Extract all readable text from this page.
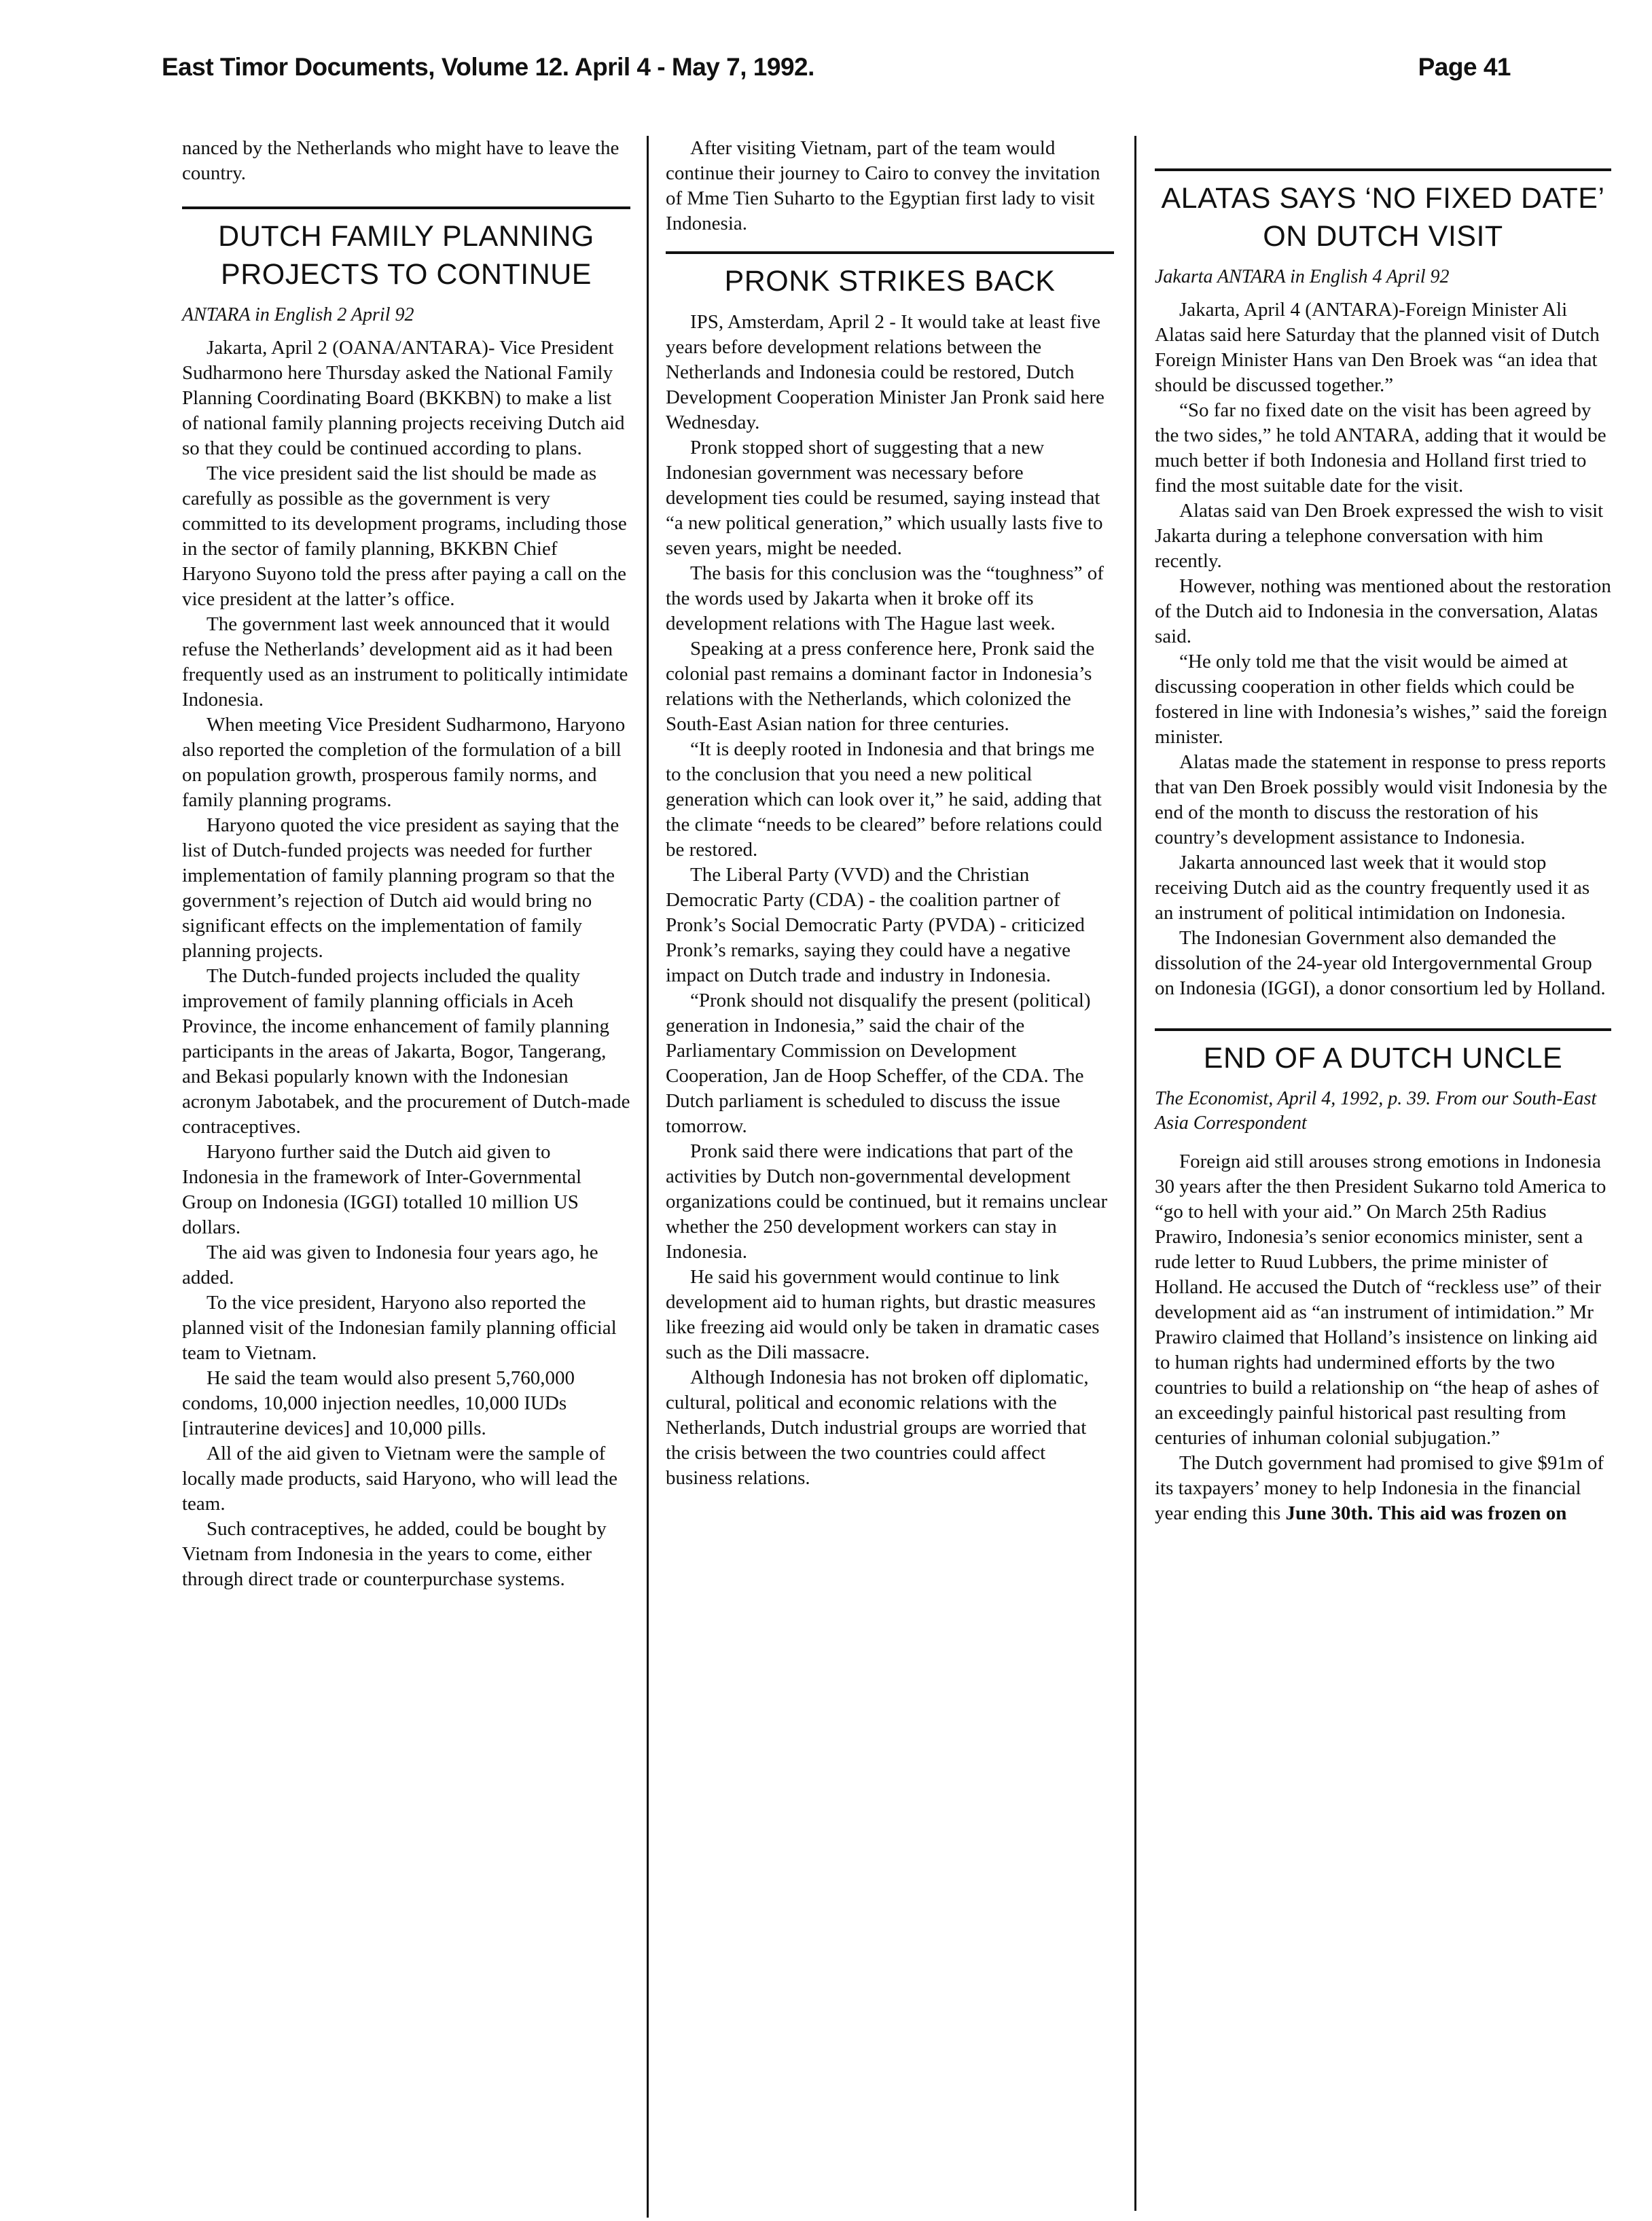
East Timor Documents, Volume 12. April 4 - May 7, 1992.	Page 41

nanced by the Netherlands who might have to leave the country.

DUTCH FAMILY PLANNING PROJECTS TO CONTINUE
ANTARA in English 2 April 92

Jakarta, April 2 (OANA/ANTARA)- Vice President Sudharmono here Thursday asked the National Family Planning Coordinating Board (BKKBN) to make a list of national family planning projects receiving Dutch aid so that they could be continued according to plans.

The vice president said the list should be made as carefully as possible as the government is very committed to its development programs, including those in the sector of family planning, BKKBN Chief Haryono Suyono told the press after paying a call on the vice president at the latter’s office.

The government last week announced that it would refuse the Netherlands’ development aid as it had been frequently used as an instrument to politically intimidate Indonesia.

When meeting Vice President Sudharmono, Haryono also reported the completion of the formulation of a bill on population growth, prosperous family norms, and family planning programs.

Haryono quoted the vice president as saying that the list of Dutch-funded projects was needed for further implementation of family planning program so that the government’s rejection of Dutch aid would bring no significant effects on the implementation of family planning projects.

The Dutch-funded projects included the quality improvement of family planning officials in Aceh Province, the income enhancement of family planning participants in the areas of Jakarta, Bogor, Tangerang, and Bekasi popularly known with the Indonesian acronym Jabotabek, and the procurement of Dutch-made contraceptives.

Haryono further said the Dutch aid given to Indonesia in the framework of Inter-Governmental Group on Indonesia (IGGI) totalled 10 million US dollars.

The aid was given to Indonesia four years ago, he added.

To the vice president, Haryono also reported the planned visit of the Indonesian family planning official team to Vietnam.

He said the team would also present 5,760,000 condoms, 10,000 injection needles, 10,000 IUDs [intrauterine devices] and 10,000 pills.

All of the aid given to Vietnam were the sample of locally made products, said Haryono, who will lead the team.

Such contraceptives, he added, could be bought by Vietnam from Indonesia in the years to come, either through direct trade or counterpurchase systems.

After visiting Vietnam, part of the team would continue their journey to Cairo to convey the invitation of Mme Tien Suharto to the Egyptian first lady to visit Indonesia.

PRONK STRIKES BACK

IPS, Amsterdam, April 2 - It would take at least five years before development relations between the Netherlands and Indonesia could be restored, Dutch Development Cooperation Minister Jan Pronk said here Wednesday.

Pronk stopped short of suggesting that a new Indonesian government was necessary before development ties could be resumed, saying instead that “a new political generation,” which usually lasts five to seven years, might be needed.

The basis for this conclusion was the “toughness” of the words used by Jakarta when it broke off its development relations with The Hague last week.

Speaking at a press conference here, Pronk said the colonial past remains a dominant factor in Indonesia’s relations with the Netherlands, which colonized the South-East Asian nation for three centuries.

“It is deeply rooted in Indonesia and that brings me to the conclusion that you need a new political generation which can look over it,” he said, adding that the climate “needs to be cleared” before relations could be restored.

The Liberal Party (VVD) and the Christian Democratic Party (CDA) - the coalition partner of Pronk’s Social Democratic Party (PVDA) - criticized Pronk’s remarks, saying they could have a negative impact on Dutch trade and industry in Indonesia.

“Pronk should not disqualify the present (political) generation in Indonesia,” said the chair of the Parliamentary Commission on Development Cooperation, Jan de Hoop Scheffer, of the CDA. The Dutch parliament is scheduled to discuss the issue tomorrow.

Pronk said there were indications that part of the activities by Dutch non-governmental development organizations could be continued, but it remains unclear whether the 250 development workers can stay in Indonesia.

He said his government would continue to link development aid to human rights, but drastic measures like freezing aid would only be taken in dramatic cases such as the Dili massacre.

Although Indonesia has not broken off diplomatic, cultural, political and economic relations with the Netherlands, Dutch industrial groups are worried that the crisis between the two countries could affect business relations.

ALATAS SAYS ‘NO FIXED DATE’ ON DUTCH VISIT
Jakarta ANTARA in English 4 April 92

Jakarta, April 4 (ANTARA)-Foreign Minister Ali Alatas said here Saturday that the planned visit of Dutch Foreign Minister Hans van Den Broek was “an idea that should be discussed together.”

“So far no fixed date on the visit has been agreed by the two sides,” he told ANTARA, adding that it would be much better if both Indonesia and Holland first tried to find the most suitable date for the visit.

Alatas said van Den Broek expressed the wish to visit Jakarta during a telephone conversation with him recently.

However, nothing was mentioned about the restoration of the Dutch aid to Indonesia in the conversation, Alatas said.

“He only told me that the visit would be aimed at discussing cooperation in other fields which could be fostered in line with Indonesia’s wishes,” said the foreign minister.

Alatas made the statement in response to press reports that van Den Broek possibly would visit Indonesia by the end of the month to discuss the restoration of his country’s development assistance to Indonesia.

Jakarta announced last week that it would stop receiving Dutch aid as the country frequently used it as an instrument of political intimidation on Indonesia.

The Indonesian Government also demanded the dissolution of the 24-year old Intergovernmental Group on Indonesia (IGGI), a donor consortium led by Holland.

END OF A DUTCH UNCLE
The Economist, April 4, 1992, p. 39. From our South-East Asia Correspondent

Foreign aid still arouses strong emotions in Indonesia 30 years after the then President Sukarno told America to “go to hell with your aid.” On March 25th Radius Prawiro, Indonesia’s senior economics minister, sent a rude letter to Ruud Lubbers, the prime minister of Holland. He accused the Dutch of “reckless use” of their development aid as “an instrument of intimidation.” Mr Prawiro claimed that Holland’s insistence on linking aid to human rights had undermined efforts by the two countries to build a relationship on “the heap of ashes of an exceedingly painful historical past resulting from centuries of inhuman colonial subjugation.”

The Dutch government had promised to give $91m of its taxpayers’ money to help Indonesia in the financial year ending this June 30th. This aid was frozen on
